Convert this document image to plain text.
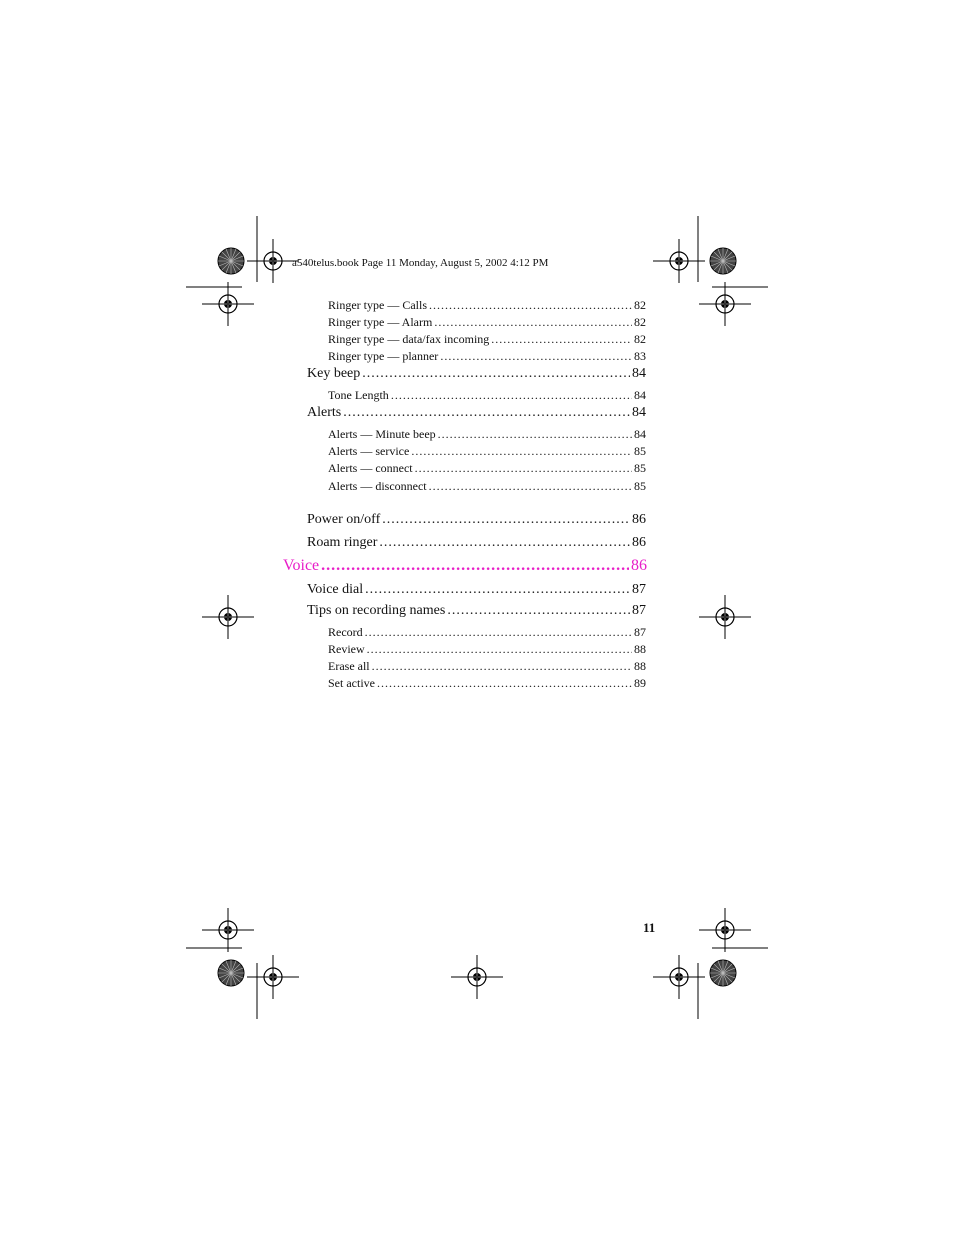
a540telus.book Page 11 Monday, August 5, 2002 4:12 PM
Ringer type — Calls .....	82
Ringer type — Alarm .....	82
Ringer type — data/fax incoming .....	82
Ringer type — planner .....	83
Key beep .....	84
Tone Length .....	84
Alerts .....	84
Alerts — Minute beep .....	84
Alerts — service .....	85
Alerts — connect .....	85
Alerts — disconnect .....	85
Power on/off .....	86
Roam ringer .....	86
Voice .....	86
Voice dial .....	87
Tips on recording names .....	87
Record .....	87
Review .....	88
Erase all .....	88
Set active .....	89
11
